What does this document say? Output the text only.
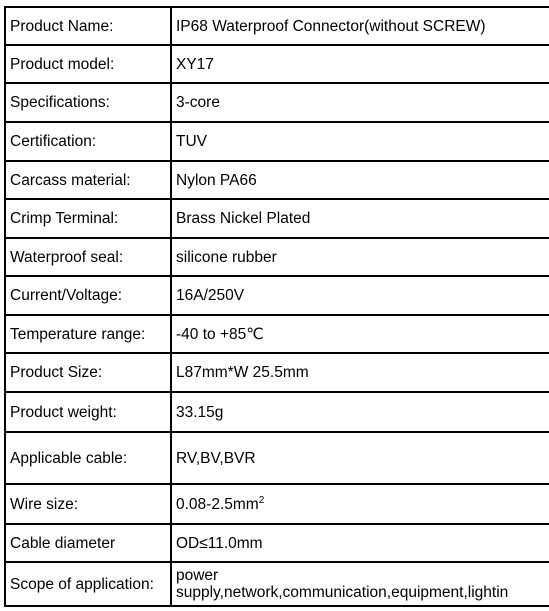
Product Name:	IP68 Waterproof Connector(without SCREW)
Product model:	XY17
Specifications:	3-core
Certification:	TUV
Carcass material:	Nylon PA66
Crimp Terminal:	Brass Nickel Plated
Waterproof seal:	silicone rubber
Current/Voltage:	16A/250V
Temperature range:	-40 to +85℃
Product Size:	L87mm*W 25.5mm
Product weight:	33.15g
Applicable cable:	RV,BV,BVR
Wire size:	$0.08-2.5mm^2$
Cable diameter	OD≤11.0mm
Scope of application:	power
supply,network,communication,equipment,lightin
